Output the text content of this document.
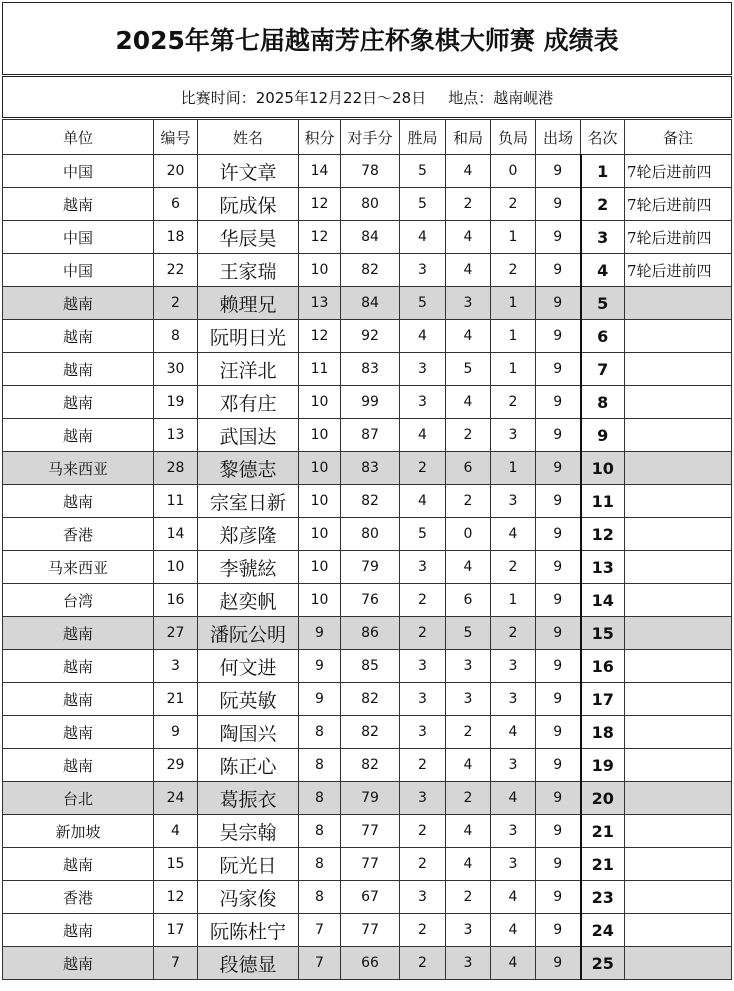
2025年第七届越南芳庄杯象棋大师赛 成绩表
比赛时间：2025年12月22日～28日 地点：越南岘港
单位	编号	姓名	积分	对手分	胜局	和局	负局	出场	名次	备注
中国	20	许文章	14	78	5	4	0	9	1	7轮后进前四
越南	6	阮成保	12	80	5	2	2	9	2	7轮后进前四
中国	18	华辰昊	12	84	4	4	1	9	3	7轮后进前四
中国	22	王家瑞	10	82	3	4	2	9	4	7轮后进前四
越南	2	赖理兄	13	84	5	3	1	9	5	
越南	8	阮明日光	12	92	4	4	1	9	6	
越南	30	汪洋北	11	83	3	5	1	9	7	
越南	19	邓有庄	10	99	3	4	2	9	8	
越南	13	武国达	10	87	4	2	3	9	9	
马来西亚	28	黎德志	10	83	2	6	1	9	10	
越南	11	宗室日新	10	82	4	2	3	9	11	
香港	14	郑彦隆	10	80	5	0	4	9	12	
马来西亚	10	李虢絃	10	79	3	4	2	9	13	
台湾	16	赵奕帆	10	76	2	6	1	9	14	
越南	27	潘阮公明	9	86	2	5	2	9	15	
越南	3	何文进	9	85	3	3	3	9	16	
越南	21	阮英敏	9	82	3	3	3	9	17	
越南	9	陶国兴	8	82	3	2	4	9	18	
越南	29	陈正心	8	82	2	4	3	9	19	
台北	24	葛振衣	8	79	3	2	4	9	20	
新加坡	4	吴宗翰	8	77	2	4	3	9	21	
越南	15	阮光日	8	77	2	4	3	9	21	
香港	12	冯家俊	8	67	3	2	4	9	23	
越南	17	阮陈杜宁	7	77	2	3	4	9	24	
越南	7	段德显	7	66	2	3	4	9	25	
